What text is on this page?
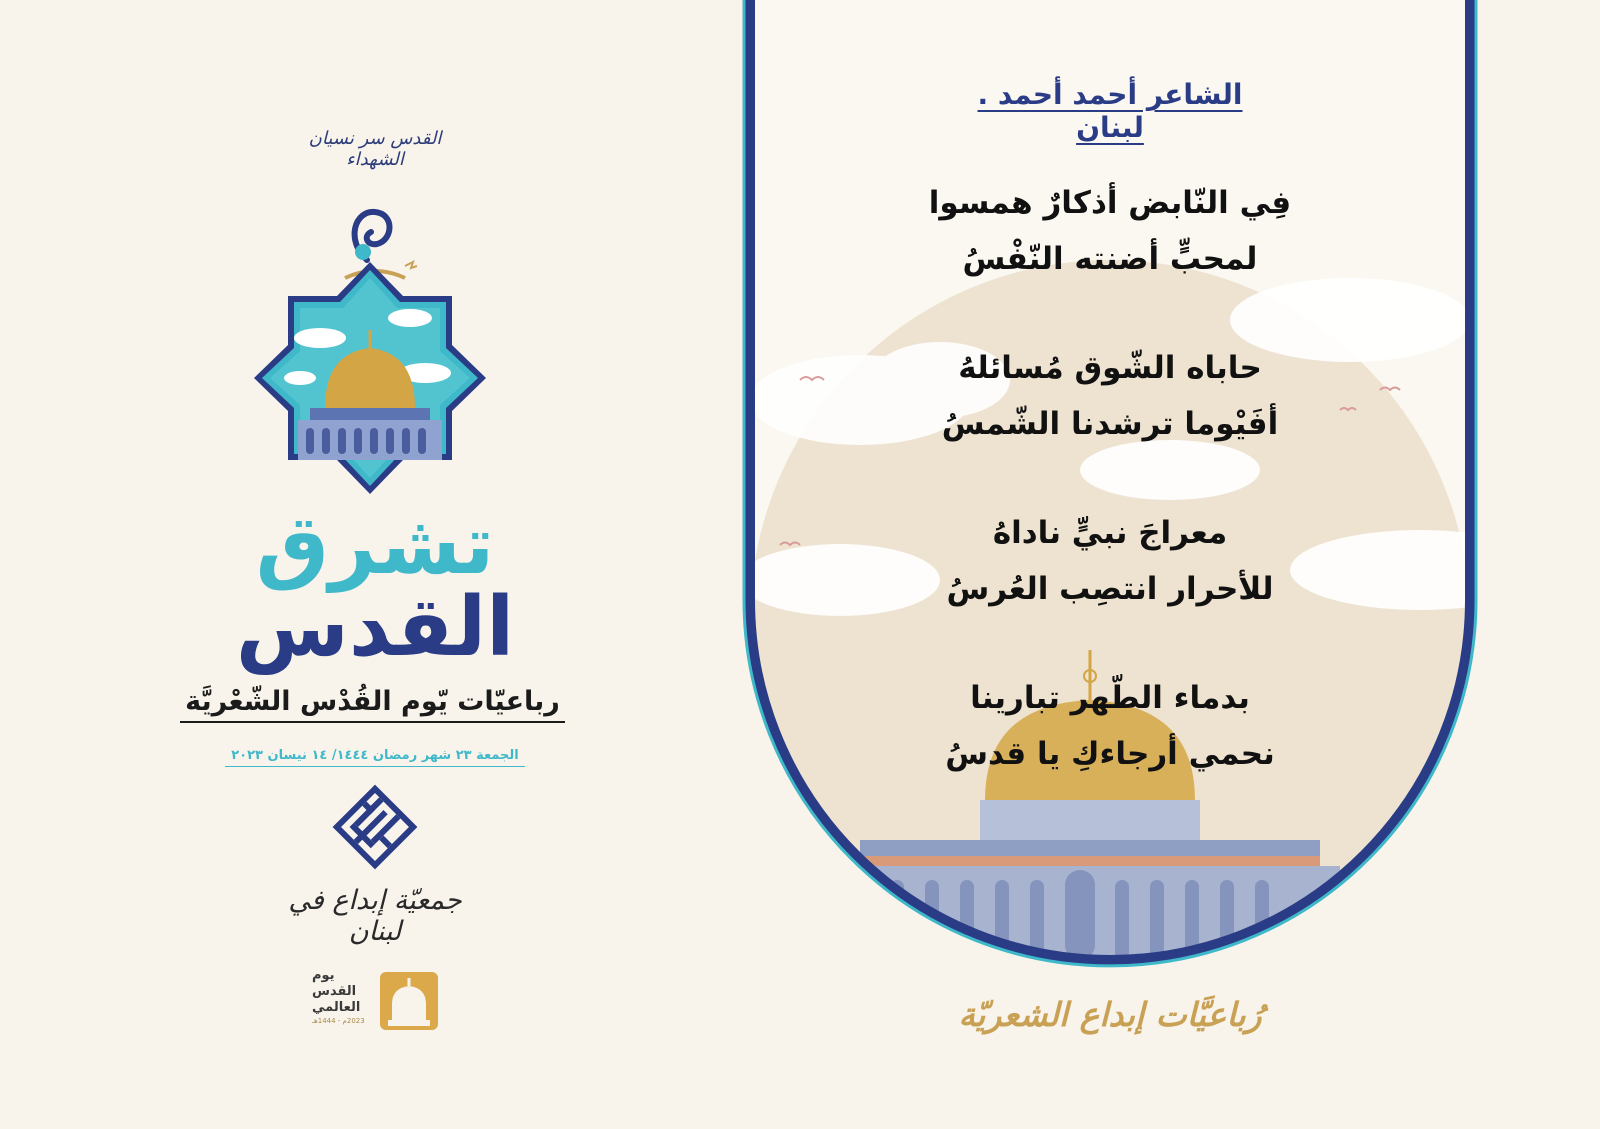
القدس سر نسيان الشهداء
تشرق القدس
رباعيّات يّوم القُدْس الشّعْريَّة
الجمعة ٢٣ شهر رمضان ١٤٤٤/ ١٤ نيسان ٢٠٢٣
جمعيّة إبداع في لبنان
يوم
القدس
العالمي
2023م - 1444هـ
الشاعر أحمد أحمد . لبنان
فِي النّابض أذكارٌ همسوا
لمحبٍّ أضنته النّفْسُ
حاباه الشّوق مُسائلهُ
أفَيْوما ترشدنا الشّمسُ
معراجَ نبيٍّ ناداهُ
للأحرار انتصِب العُرسُ
بدماء الطّهر تبارينا
نحمي أرجاءكِ يا قدسُ
رُباعيَّات إبداع الشعريّة
